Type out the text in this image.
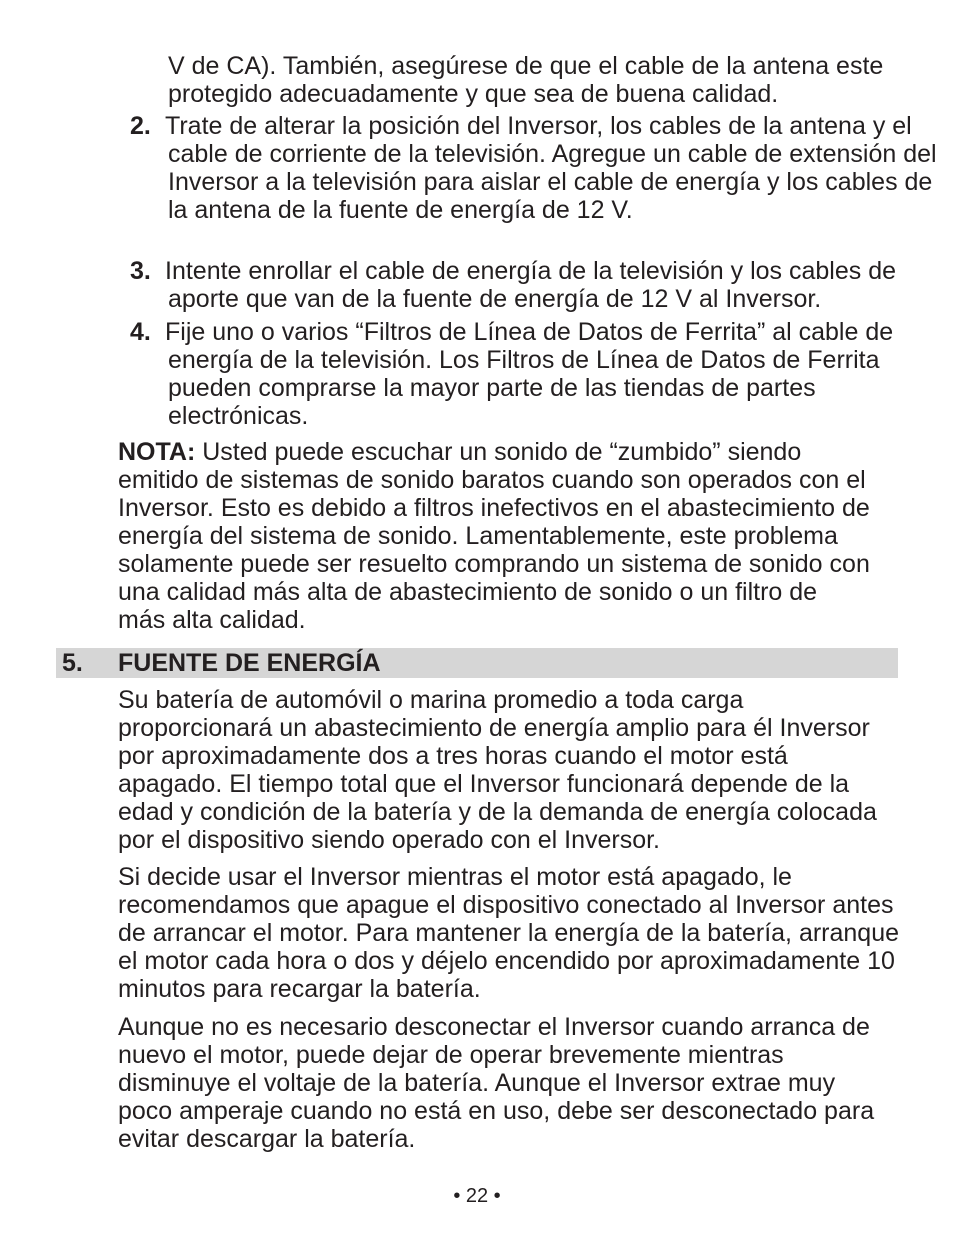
V de CA). También, asegúrese de que el cable de la antena este protegido adecuadamente y que sea de buena calidad.

2. Trate de alterar la posición del Inversor, los cables de la antena y el cable de corriente de la televisión. Agregue un cable de extensión del Inversor a la televisión para aislar el cable de energía y los cables de la antena de la fuente de energía de 12 V.

3. Intente enrollar el cable de energía de la televisión y los cables de aporte que van de la fuente de energía de 12 V al Inversor.

4. Fije uno o varios “Filtros de Línea de Datos de Ferrita” al cable de energía de la televisión. Los Filtros de Línea de Datos de Ferrita pueden comprarse la mayor parte de las tiendas de partes electrónicas.

NOTA: Usted puede escuchar un sonido de “zumbido” siendo emitido de sistemas de sonido baratos cuando son operados con el Inversor. Esto es debido a filtros inefectivos en el abastecimiento de energía del sistema de sonido. Lamentablemente, este problema solamente puede ser resuelto comprando un sistema de sonido con una calidad más alta de abastecimiento de sonido o un filtro de más alta calidad.

5. FUENTE DE ENERGÍA

Su batería de automóvil o marina promedio a toda carga proporcionará un abastecimiento de energía amplio para él Inversor por aproximadamente dos a tres horas cuando el motor está apagado. El tiempo total que el Inversor funcionará depende de la edad y condición de la batería y de la demanda de energía colocada por el dispositivo siendo operado con el Inversor.

Si decide usar el Inversor mientras el motor está apagado, le recomendamos que apague el dispositivo conectado al Inversor antes de arrancar el motor. Para mantener la energía de la batería, arranque el motor cada hora o dos y déjelo encendido por aproximadamente 10 minutos para recargar la batería.

Aunque no es necesario desconectar el Inversor cuando arranca de nuevo el motor, puede dejar de operar brevemente mientras disminuye el voltaje de la batería. Aunque el Inversor extrae muy poco amperaje cuando no está en uso, debe ser desconectado para evitar descargar la batería.

• 22 •
